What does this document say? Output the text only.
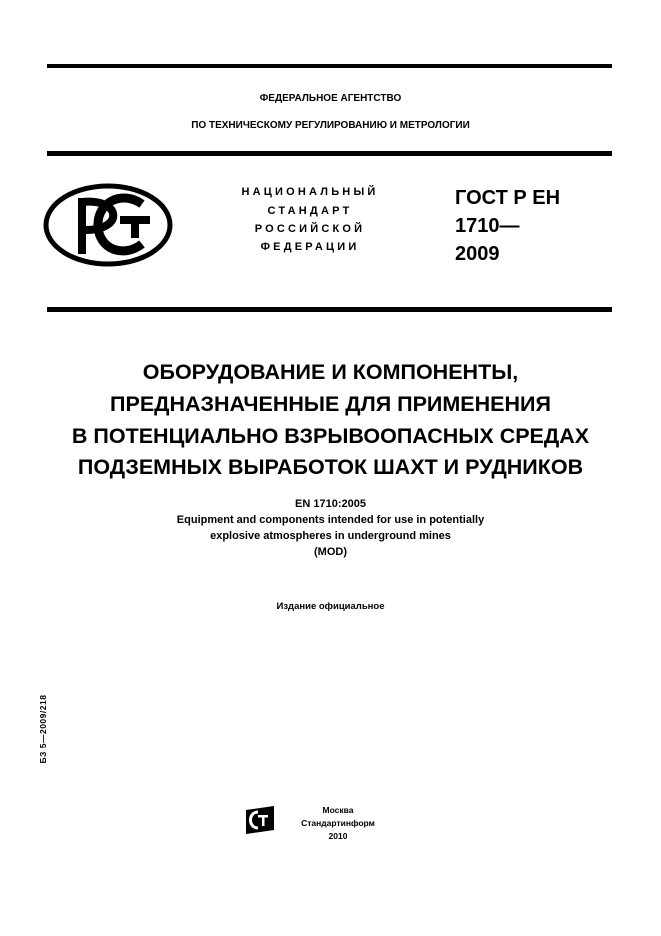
ФЕДЕРАЛЬНОЕ АГЕНТСТВО
ПО ТЕХНИЧЕСКОМУ РЕГУЛИРОВАНИЮ И МЕТРОЛОГИИ
НАЦИОНАЛЬНЫЙ
СТАНДАРТ
РОССИЙСКОЙ
ФЕДЕРАЦИИ
ГОСТ Р ЕН
1710—
2009
ОБОРУДОВАНИЕ И КОМПОНЕНТЫ,
ПРЕДНАЗНАЧЕННЫЕ ДЛЯ ПРИМЕНЕНИЯ
В ПОТЕНЦИАЛЬНО ВЗРЫВООПАСНЫХ СРЕДАХ
ПОДЗЕМНЫХ ВЫРАБОТОК ШАХТ И РУДНИКОВ
EN 1710:2005
Equipment and components intended for use in potentially
explosive atmospheres in underground mines
(MOD)
Издание официальное
БЗ 5—2009/218
Москва
Стандартинформ
2010
